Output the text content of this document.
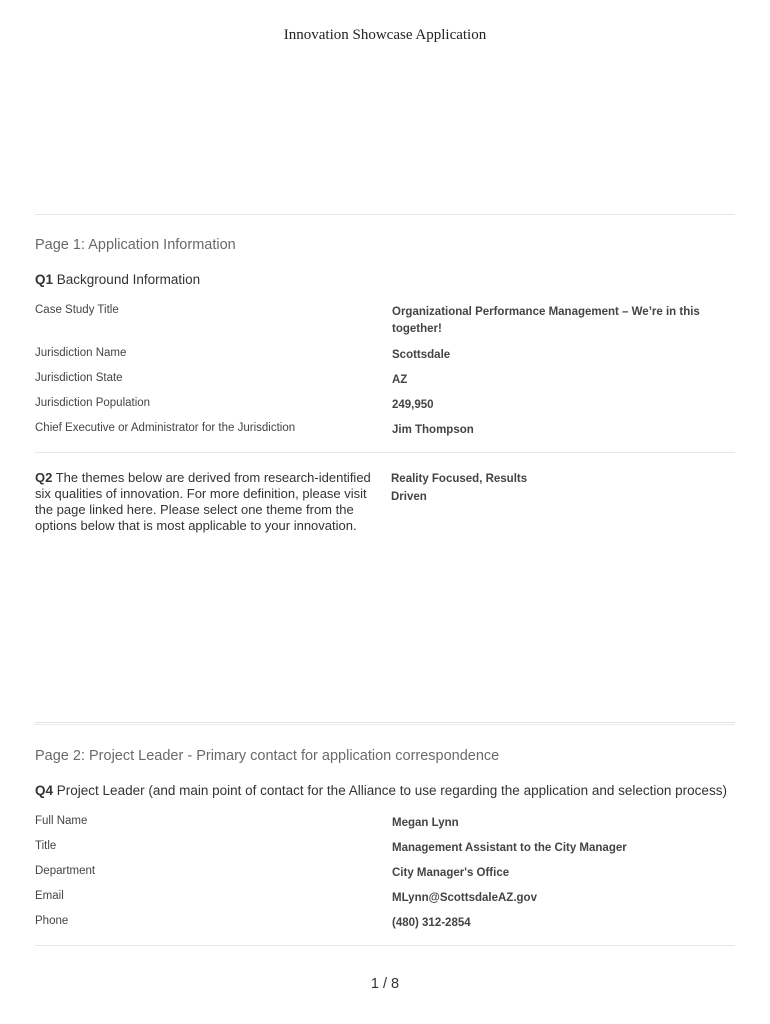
Innovation Showcase Application
Page 1: Application Information
Q1 Background Information
Case Study Title	Organizational Performance Management – We’re in this together!
Jurisdiction Name	Scottsdale
Jurisdiction State	AZ
Jurisdiction Population	249,950
Chief Executive or Administrator for the Jurisdiction	Jim Thompson
Q2 The themes below are derived from research-identified six qualities of innovation. For more definition, please visit the page linked here. Please select one theme from the options below that is most applicable to your innovation.
Reality Focused, Results Driven
Page 2: Project Leader - Primary contact for application correspondence
Q4 Project Leader (and main point of contact for the Alliance to use regarding the application and selection process)
Full Name	Megan Lynn
Title	Management Assistant to the City Manager
Department	City Manager's Office
Email	MLynn@ScottsdaleAZ.gov
Phone	(480) 312-2854
1 / 8
